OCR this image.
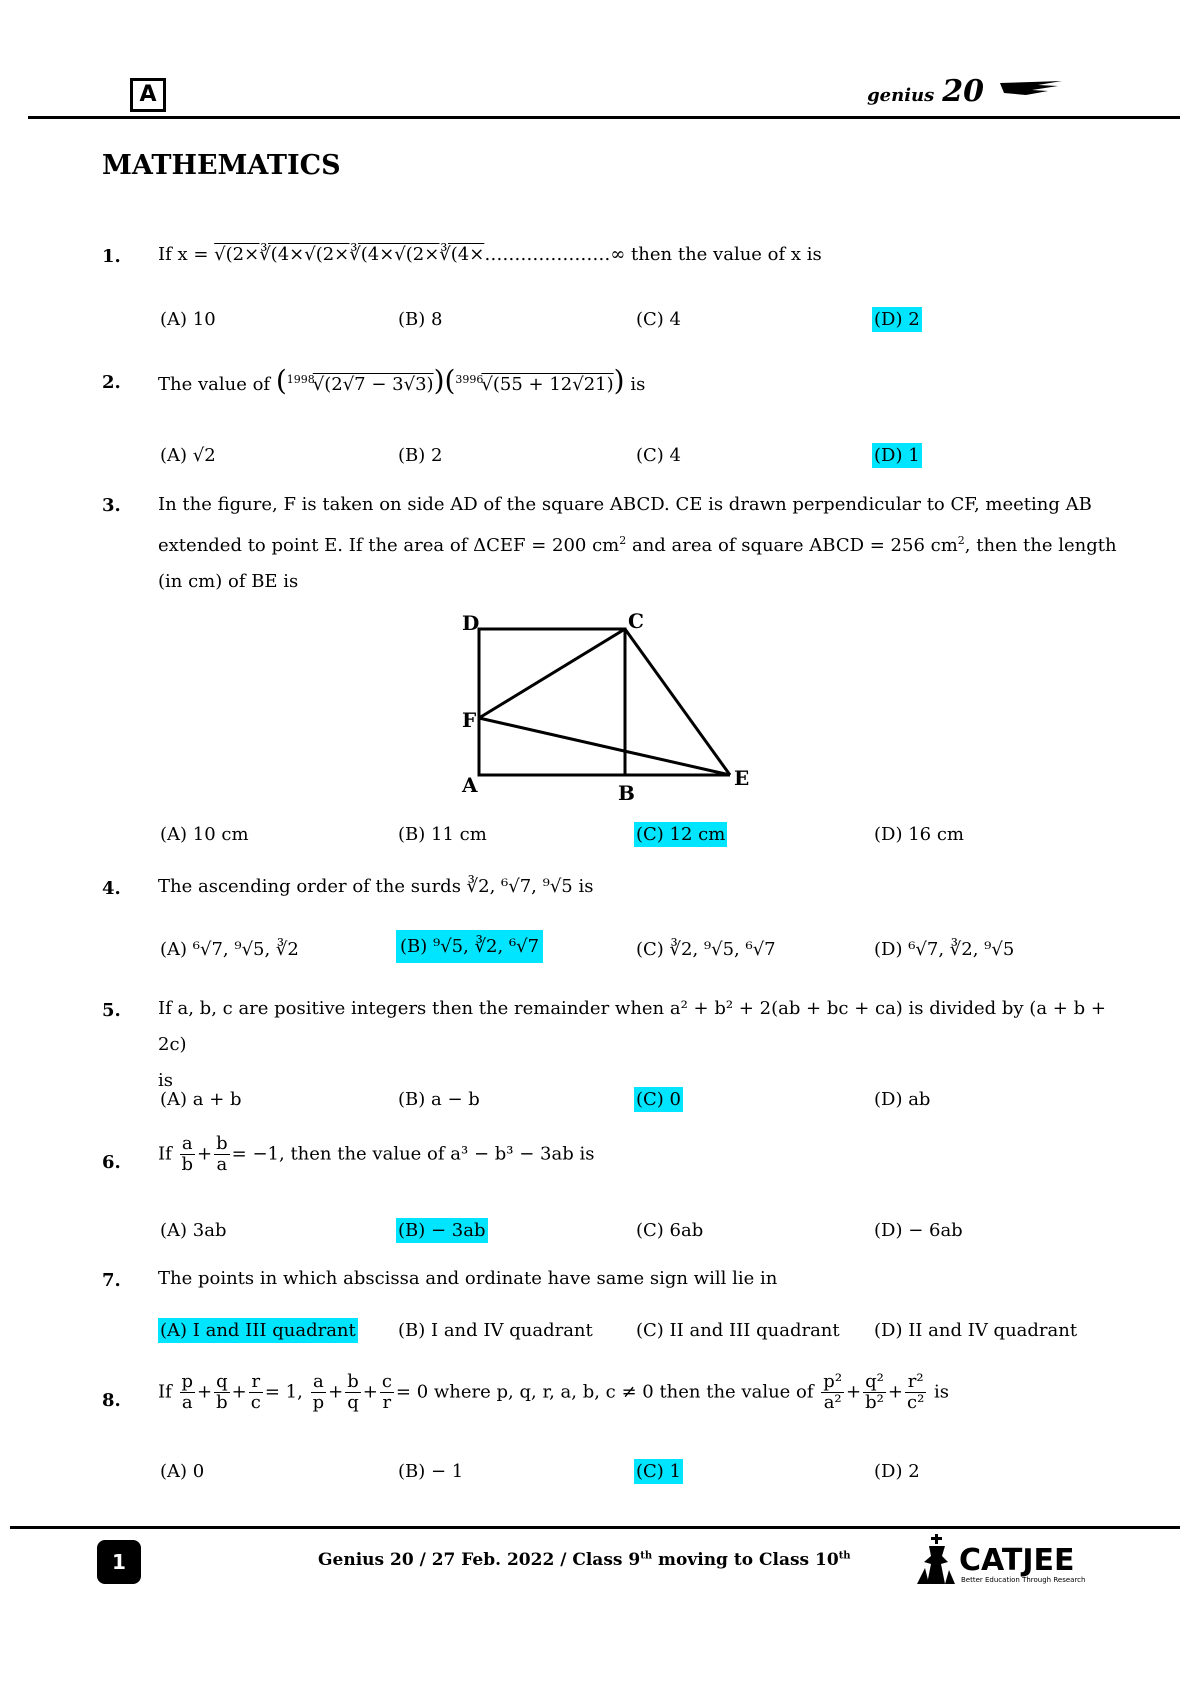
A	genius 20
MATHEMATICS
1. If x = √(2×∛(4×√(2×∛(4×√(2×∛(4×…………………∞ then the value of x is
(A) 10	(B) 8	(C) 4	(D) 2
2. The value of ($^{1998}$√(2√7 − 3√3))($^{3996}$√(55 + 12√21)) is
(A) √2	(B) 2	(C) 4	(D) 1
3. In the figure, F is taken on side AD of the square ABCD. CE is drawn perpendicular to CF, meeting AB
extended to point E. If the area of ΔCEF = 200 $cm^2$ and area of square ABCD = 256 $cm^2$, then the length
(in cm) of BE is
D	C
F
A	B
E
(A) 10 cm	(B) 11 cm	(C) 12 cm	(D) 16 cm
4. The ascending order of the surds ∛2, ⁶√7, ⁹√5 is
(A) ⁶√7, ⁹√5, ∛2	(B) ⁹√5, ∛2, ⁶√7	(C) ∛2, ⁹√5, ⁶√7	(D) ⁶√7, ∛2, ⁹√5
5. If a, b, c are positive integers then the remainder when a² + b² + 2(ab + bc + ca) is divided by (a + b + 2c)
is
(A) a + b	(B) a − b	(C) 0	(D) ab
6. If $\frac{a}{b} + \frac{b}{a} = -1$, then the value of a³ − b³ − 3ab is
(A) 3ab	(B) − 3ab	(C) 6ab	(D) − 6ab
7. The points in which abscissa and ordinate have same sign will lie in
(A) I and III quadrant (B) I and IV quadrant (C) II and III quadrant (D) II and IV quadrant
8. If $\frac{p}{a} + \frac{q}{b} + \frac{r}{c} = 1$, $\frac{a}{p} + \frac{b}{q} + \frac{c}{r} = 0$ where p, q, r, a, b, c ≠ 0 then the value of $\frac{\text{p²}}{\text{a²}} + \frac{\text{q²}}{\text{b²}} + \frac{\text{r²}}{\text{c²}}$ is
(A) 0	(B) − 1	(C) 1	(D) 2
1	Genius 20 / 27 Feb. 2022 / Class 9th moving to Class 10th	CATJEE
Better Education Through Research
